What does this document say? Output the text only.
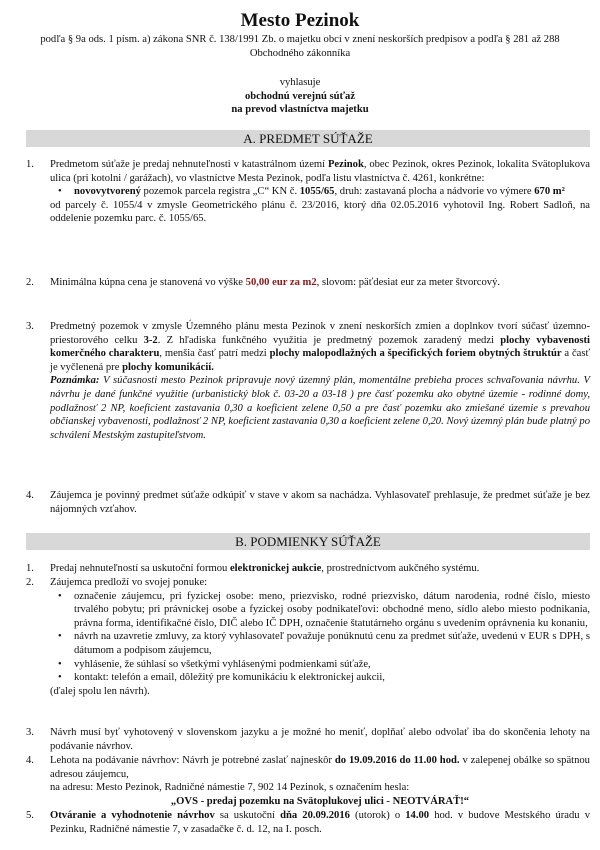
Mesto Pezinok
podľa § 9a ods. 1 písm. a) zákona SNR č. 138/1991 Zb. o majetku obcí v znení neskorších predpisov a podľa § 281 až 288 Obchodného zákonníka
vyhlasuje
obchodnú verejnú súťaž
na prevod vlastníctva majetku
A. PREDMET SÚŤAŽE
1.	Predmetom súťaže je predaj nehnuteľnosti v katastrálnom území Pezinok, obec Pezinok, okres Pezinok, lokalita Svätoplukova ulica (pri kotolni / garážach), vo vlastníctve Mesta Pezinok, podľa listu vlastníctva č. 4261, konkrétne:
• novovytvorený pozemok parcela registra „C“ KN č. 1055/65, druh: zastavaná plocha a nádvorie vo výmere 670 m²
od parcely č. 1055/4 v zmysle Geometrického plánu č. 23/2016, ktorý dňa 02.05.2016 vyhotovil Ing. Robert Sadloň, na oddelenie pozemku parc. č. 1055/65.
2.	Minimálna kúpna cena je stanovená vo výške 50,00 eur za m2, slovom: päťdesiat eur za meter štvorcový.
3.	Predmetný pozemok v zmysle Územného plánu mesta Pezinok v znení neskorších zmien a doplnkov tvorí súčasť územno-priestorového celku 3-2. Z hľadiska funkčného využitia je predmetný pozemok zaradený medzi plochy vybavenosti komerčného charakteru, menšia časť patrí medzi plochy malopodlažných a špecifických foriem obytných štruktúr a časť je vyčlenená pre plochy komunikácií.
Poznámka: V súčasnosti mesto Pezinok pripravuje nový územný plán, momentálne prebieha proces schvaľovania návrhu. V návrhu je dané funkčné využitie (urbanistický blok č. 03-20 a 03-18 ) pre časť pozemku ako obytné územie - rodinné domy, podlažnosť 2 NP, koeficient zastavania 0,30 a koeficient zelene 0,50 a pre časť pozemku ako zmiešané územie s prevahou občianskej vybavenosti, podlažnosť 2 NP, koeficient zastavania 0,30 a koeficient zelene 0,20. Nový územný plán bude platný po schválení Mestským zastupiteľstvom.
4.	Záujemca je povinný predmet súťaže odkúpiť v stave v akom sa nachádza. Vyhlasovateľ prehlasuje, že predmet súťaže je bez nájomných vzťahov.
B. PODMIENKY SÚŤAŽE
1.	Predaj nehnuteľností sa uskutoční formou elektronickej aukcie, prostredníctvom aukčného systému.
2.	Záujemca predloží vo svojej ponuke:
• označenie záujemcu, pri fyzickej osobe: meno, priezvisko, rodné priezvisko, dátum narodenia, rodné číslo, miesto trvalého pobytu; pri právnickej osobe a fyzickej osoby podnikateľovi: obchodné meno, sídlo alebo miesto podnikania, právna forma, identifikačné číslo, DIČ alebo IČ DPH, označenie štatutárneho orgánu s uvedením oprávnenia ku konaniu,
• návrh na uzavretie zmluvy, za ktorý vyhlasovateľ považuje ponúknutú cenu za predmet súťaže, uvedenú v EUR s DPH, s dátumom a podpisom záujemcu,
• vyhlásenie, že súhlasí so všetkými vyhlásenými podmienkami súťaže,
• kontakt: telefón a email, dôležitý pre komunikáciu k elektronickej aukcii,
(ďalej spolu len návrh).
3.	Návrh musí byť vyhotovený v slovenskom jazyku a je možné ho meniť, doplňať alebo odvolať iba do skončenia lehoty na podávanie návrhov.
4.	Lehota na podávanie návrhov: Návrh je potrebné zaslať najneskôr do 19.09.2016 do 11.00 hod. v zalepenej obálke so spätnou adresou záujemcu,
na adresu: Mesto Pezinok, Radničné námestie 7, 902 14 Pezinok, s označením hesla:
„OVS - predaj pozemku na Svätoplukovej ulici - NEOTVÁRAŤ!“
5.	Otváranie a vyhodnotenie návrhov sa uskutoční dňa 20.09.2016 (utorok) o 14.00 hod. v budove Mestského úradu v Pezinku, Radničné námestie 7, v zasadačke č. d. 12, na I. posch.
